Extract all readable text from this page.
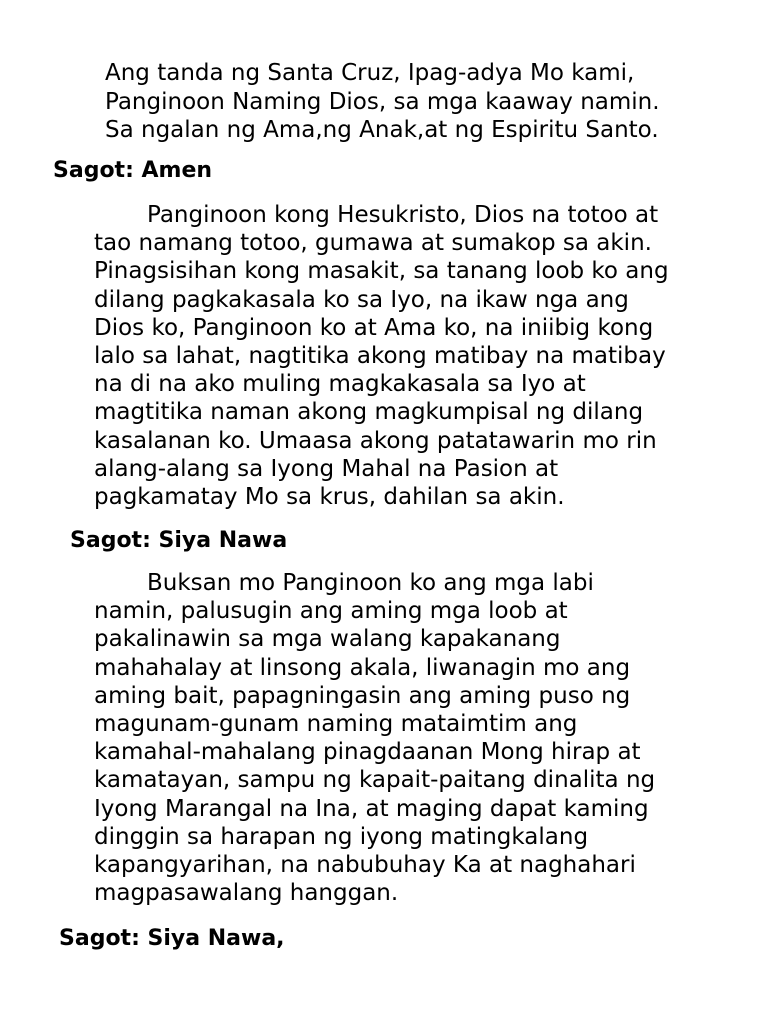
Ang tanda ng Santa Cruz, Ipag-adya Mo kami,
Panginoon Naming Dios, sa mga kaaway namin.
Sa ngalan ng Ama,ng Anak,at ng Espiritu Santo.

Sagot: Amen

Panginoon kong Hesukristo, Dios na totoo at
tao namang totoo, gumawa at sumakop sa akin.
Pinagsisihan kong masakit, sa tanang loob ko ang
dilang pagkakasala ko sa Iyo, na ikaw nga ang
Dios ko, Panginoon ko at Ama ko, na iniibig kong
lalo sa lahat, nagtitika akong matibay na matibay
na di na ako muling magkakasala sa Iyo at
magtitika naman akong magkumpisal ng dilang
kasalanan ko. Umaasa akong patatawarin mo rin
alang-alang sa Iyong Mahal na Pasion at
pagkamatay Mo sa krus, dahilan sa akin.

Sagot: Siya Nawa

Buksan mo Panginoon ko ang mga labi
namin, palusugin ang aming mga loob at
pakalinawin sa mga walang kapakanang
mahahalay at linsong akala, liwanagin mo ang
aming bait, papagningasin ang aming puso ng
magunam-gunam naming mataimtim ang
kamahal-mahalang pinagdaanan Mong hirap at
kamatayan, sampu ng kapait-paitang dinalita ng
Iyong Marangal na Ina, at maging dapat kaming
dinggin sa harapan ng iyong matingkalang
kapangyarihan, na nabubuhay Ka at naghahari
magpasawalang hanggan.

Sagot: Siya Nawa,
